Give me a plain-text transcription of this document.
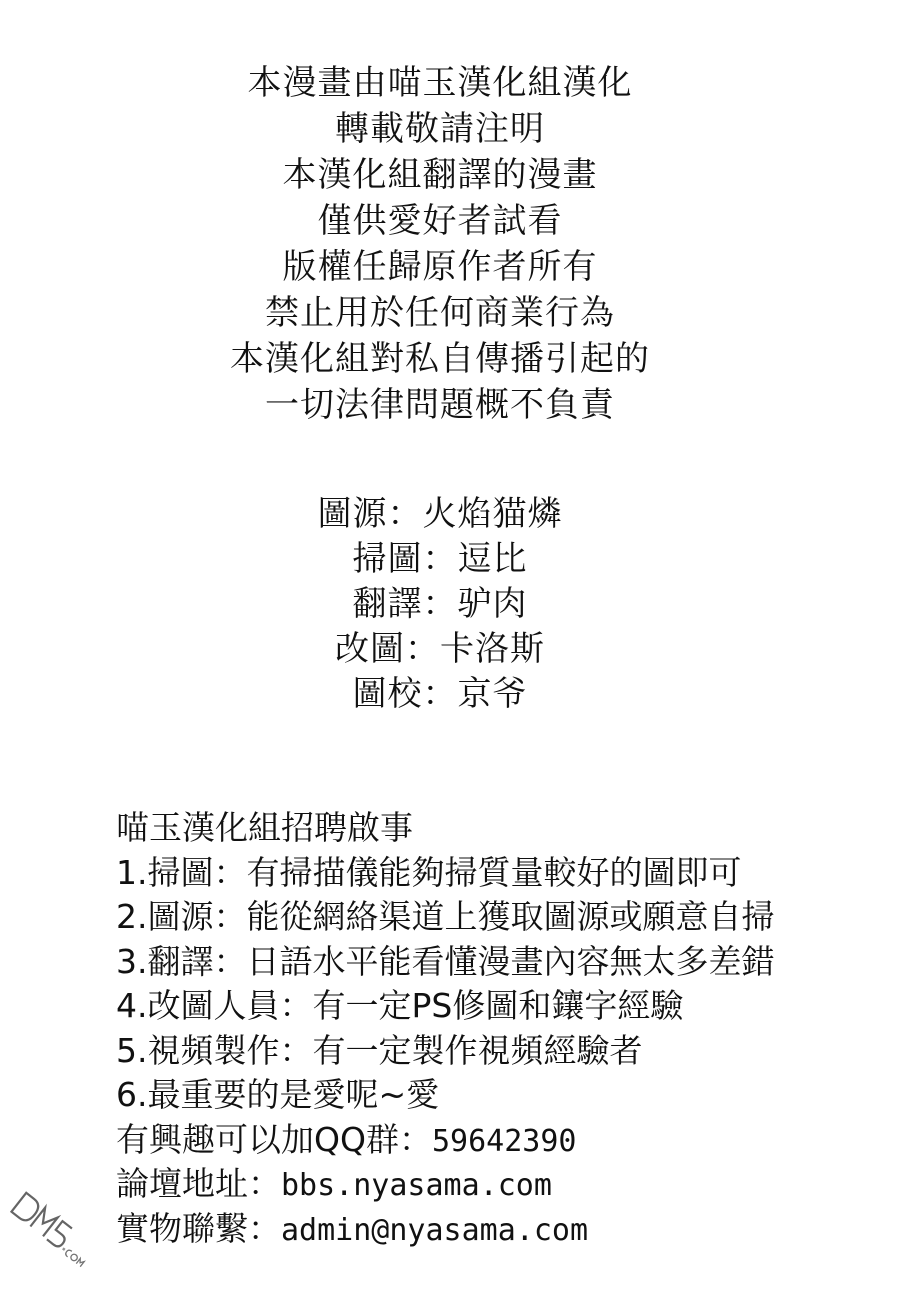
本漫畫由喵玉漢化組漢化
轉載敬請注明
本漢化組翻譯的漫畫
僅供愛好者試看
版權任歸原作者所有
禁止用於任何商業行為
本漢化組對私自傳播引起的
一切法律問題概不負責
圖源：火焰猫燐
掃圖：逗比
翻譯：驴肉
改圖：卡洛斯
圖校：京爷
喵玉漢化組招聘啟事
1.掃圖：有掃描儀能夠掃質量較好的圖即可
2.圖源：能從網絡渠道上獲取圖源或願意自掃
3.翻譯：日語水平能看懂漫畫內容無太多差錯
4.改圖人員：有一定PS修圖和鑲字經驗
5.視頻製作：有一定製作視頻經驗者
6.最重要的是愛呢~愛
有興趣可以加QQ群：59642390
論壇地址：bbs.nyasama.com
實物聯繫：admin@nyasama.com
